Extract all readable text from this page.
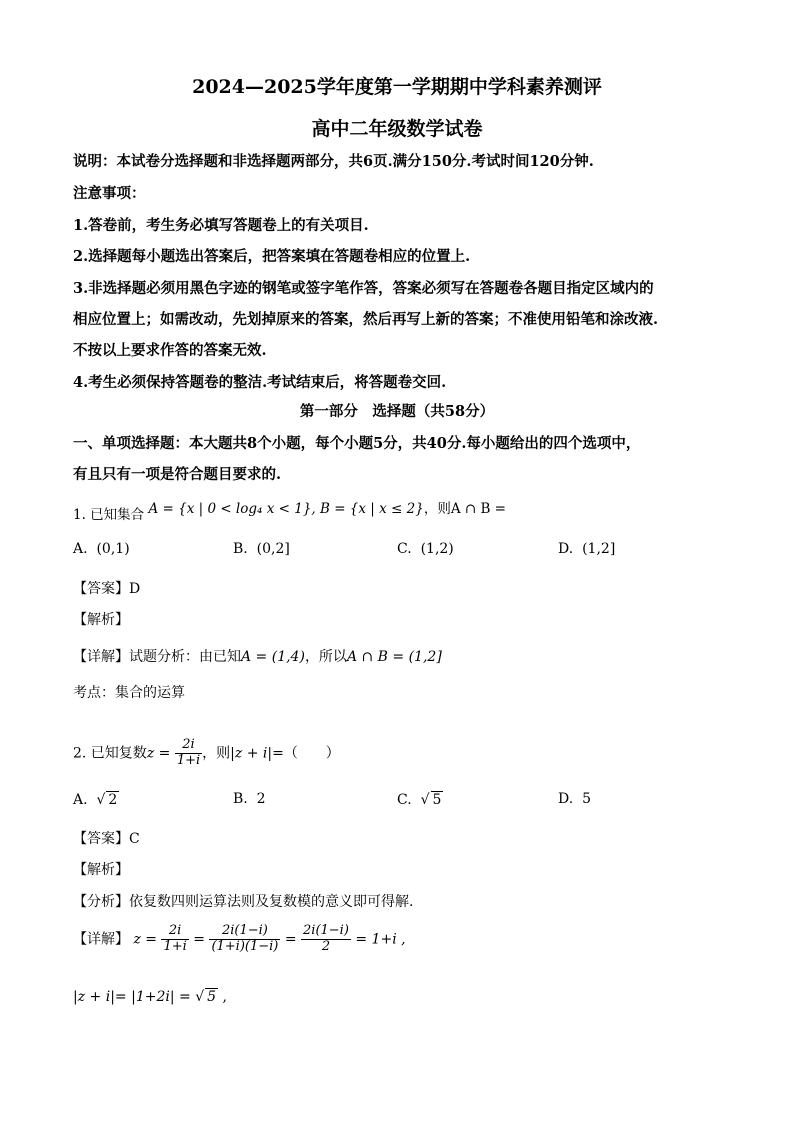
2024—2025学年度第一学期期中学科素养测评
高中二年级数学试卷
说明：本试卷分选择题和非选择题两部分，共6页.满分150分.考试时间120分钟.
注意事项：
1.答卷前，考生务必填写答题卷上的有关项目.
2.选择题每小题选出答案后，把答案填在答题卷相应的位置上.
3.非选择题必须用黑色字迹的钢笔或签字笔作答，答案必须写在答题卷各题目指定区域内的
相应位置上；如需改动，先划掉原来的答案，然后再写上新的答案；不准使用铅笔和涂改液.
不按以上要求作答的答案无效.
4.考生必须保持答题卷的整洁.考试结束后，将答题卷交回.
第一部分　选择题（共58分）
一、单项选择题：本大题共8个小题，每个小题5分，共40分.每小题给出的四个选项中，
有且只有一项是符合题目要求的.
1. 已知集合 A = {x | 0 < log₄ x < 1}, B = {x | x ≤ 2}，则A ∩ B =
A. (0,1)	B. (0,2]	C. (1,2)	D. (1,2]
【答案】D
【解析】
【详解】试题分析：由已知A = (1,4)，所以A ∩ B = (1,2]
考点：集合的运算
2. 已知复数$z = \frac{2i}{1+i}$ ，则|z + i|=（　　）
A.  √ 2	B. 2	C.  √ 5	D. 5
【答案】C
【解析】
【分析】依复数四则运算法则及复数模的意义即可得解.
【详解】 $z = \frac{2i}{1+i} = \frac{2i(1-i)}{(1+i)(1-i)} = \frac{2i(1-i)}{2} = 1+i$ ,
|z + i|= |1+2i| = √ 5 ,
